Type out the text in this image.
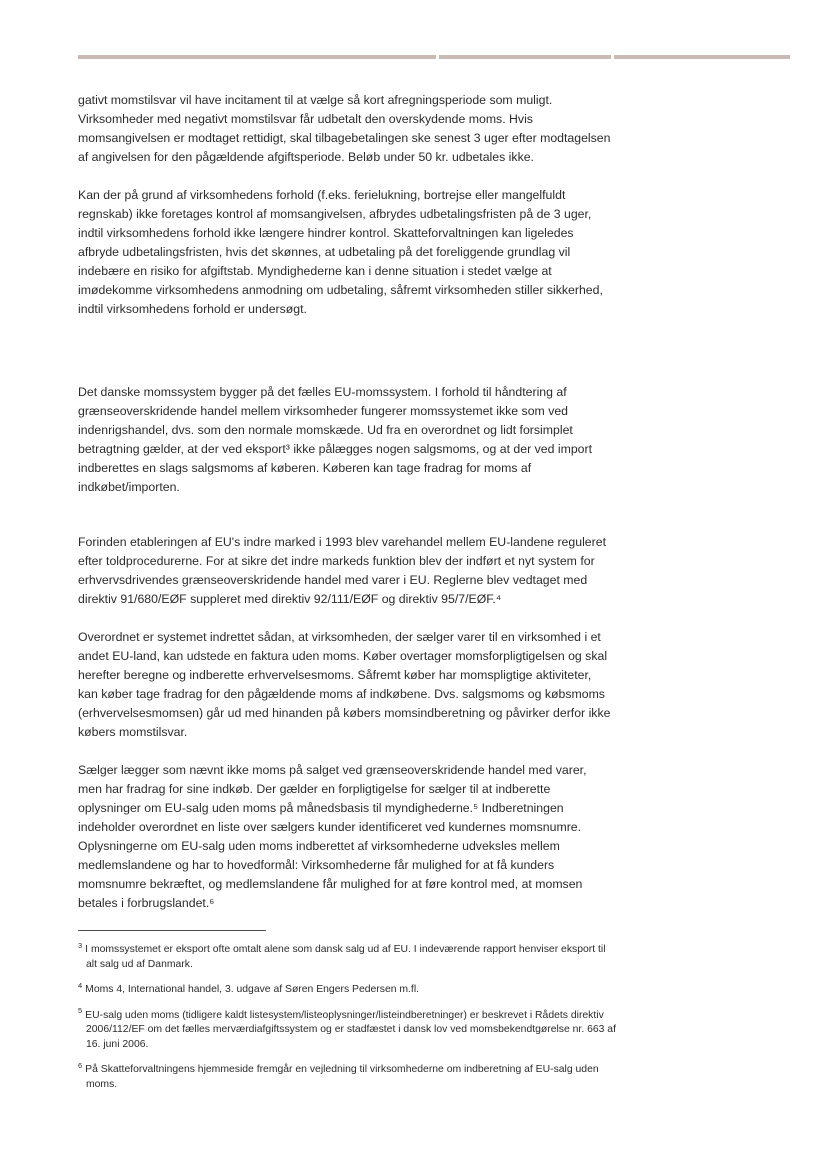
gativt momstilsvar vil have incitament til at vælge så kort afregningsperiode som muligt. Virksomheder med negativt momstilsvar får udbetalt den overskydende moms. Hvis momsangivelsen er modtaget rettidigt, skal tilbagebetalingen ske senest 3 uger efter modtagelsen af angivelsen for den pågældende afgiftsperiode. Beløb under 50 kr. udbetales ikke.

Kan der på grund af virksomhedens forhold (f.eks. ferielukning, bortrejse eller mangelfuldt regnskab) ikke foretages kontrol af momsangivelsen, afbrydes udbetalingsfristen på de 3 uger, indtil virksomhedens forhold ikke længere hindrer kontrol. Skatteforvaltningen kan ligeledes afbryde udbetalingsfristen, hvis det skønnes, at udbetaling på det foreliggende grundlag vil indebære en risiko for afgiftstab. Myndighederne kan i denne situation i stedet vælge at imødekomme virksomhedens anmodning om udbetaling, såfremt virksomheden stiller sikkerhed, indtil virksomhedens forhold er undersøgt.

Det danske momssystem bygger på det fælles EU-momssystem. I forhold til håndtering af grænseoverskridende handel mellem virksomheder fungerer momssystemet ikke som ved indenrigshandel, dvs. som den normale momskæde. Ud fra en overordnet og lidt forsimplet betragtning gælder, at der ved eksport³ ikke pålægges nogen salgsmoms, og at der ved import indberettes en slags salgsmoms af køberen. Køberen kan tage fradrag for moms af indkøbet/importen.

Forinden etableringen af EU's indre marked i 1993 blev varehandel mellem EU-landene reguleret efter toldprocedurerne. For at sikre det indre markeds funktion blev der indført et nyt system for erhvervsdrivendes grænseoverskridende handel med varer i EU. Reglerne blev vedtaget med direktiv 91/680/EØF suppleret med direktiv 92/111/EØF og direktiv 95/7/EØF.⁴

Overordnet er systemet indrettet sådan, at virksomheden, der sælger varer til en virksomhed i et andet EU-land, kan udstede en faktura uden moms. Køber overtager momsforpligtigelsen og skal herefter beregne og indberette erhvervelsesmoms. Såfremt køber har momspligtige aktiviteter, kan køber tage fradrag for den pågældende moms af indkøbene. Dvs. salgsmoms og købsmoms (erhvervelsesmomsen) går ud med hinanden på købers momsindberetning og påvirker derfor ikke købers momstilsvar.

Sælger lægger som nævnt ikke moms på salget ved grænseoverskridende handel med varer, men har fradrag for sine indkøb. Der gælder en forpligtigelse for sælger til at indberette oplysninger om EU-salg uden moms på månedsbasis til myndighederne.⁵ Indberetningen indeholder overordnet en liste over sælgers kunder identificeret ved kundernes momsnumre. Oplysningerne om EU-salg uden moms indberettet af virksomhederne udveksles mellem medlemslandene og har to hovedformål: Virksomhederne får mulighed for at få kunders momsnumre bekræftet, og medlemslandene får mulighed for at føre kontrol med, at momsen betales i forbrugslandet.⁶

$^3$ I momssystemet er eksport ofte omtalt alene som dansk salg ud af EU. I indeværende rapport henviser eksport til alt salg ud af Danmark.
$^4$ Moms 4, International handel, 3. udgave af Søren Engers Pedersen m.fl.
$^5$ EU-salg uden moms (tidligere kaldt listesystem/listeoplysninger/listeindberetninger) er beskrevet i Rådets direktiv 2006/112/EF om det fælles merværdiafgiftssystem og er stadfæstet i dansk lov ved momsbekendtgørelse nr. 663 af 16. juni 2006.
$^6$ På Skatteforvaltningens hjemmeside fremgår en vejledning til virksomhederne om indberetning af EU-salg uden moms.
